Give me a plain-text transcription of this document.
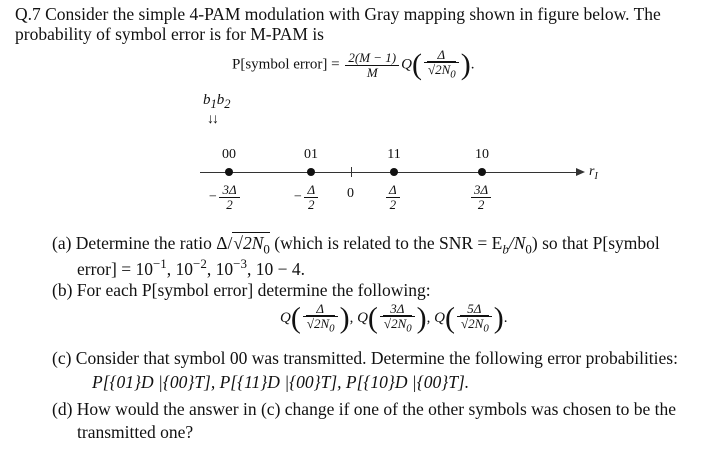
Q.7 Consider the simple 4-PAM modulation with Gray mapping shown in figure below. The
probability of symbol error is for M-PAM is
P[symbol error] = $\frac{2(M - 1)}{M} Q( \frac{\Delta}{√2N_0}$ ).
$b_1b_2$
↓↓
00	01	11	10
$r_I$
− $\frac{3\Delta}{2}$	− $\frac{\Delta}{2} 0 \frac{\Delta}{2}$	$\frac{3\Delta}{2}$
(a) Determine the ratio $\Delta/√2N_0$ (which is related to the SNR = $E_b/N_0$) so that P[symbol
error] = $10^{-1}$, $10^{-2}$, $10^{-3}$, 10 − 4.
(b) For each P[symbol error] determine the following:
$Q( \frac{\Delta}{√2N_0}$ ), $Q( \frac{3\Delta}{√2N_0}$ ), $Q( \frac{5\Delta}{√2N_0}$ ).
(c) Consider that symbol 00 was transmitted. Determine the following error probabilities:
P[{01}D |{00}T], P[{11}D |{00}T], P[{10}D |{00}T].
(d) How would the answer in (c) change if one of the other symbols was chosen to be the
transmitted one?
